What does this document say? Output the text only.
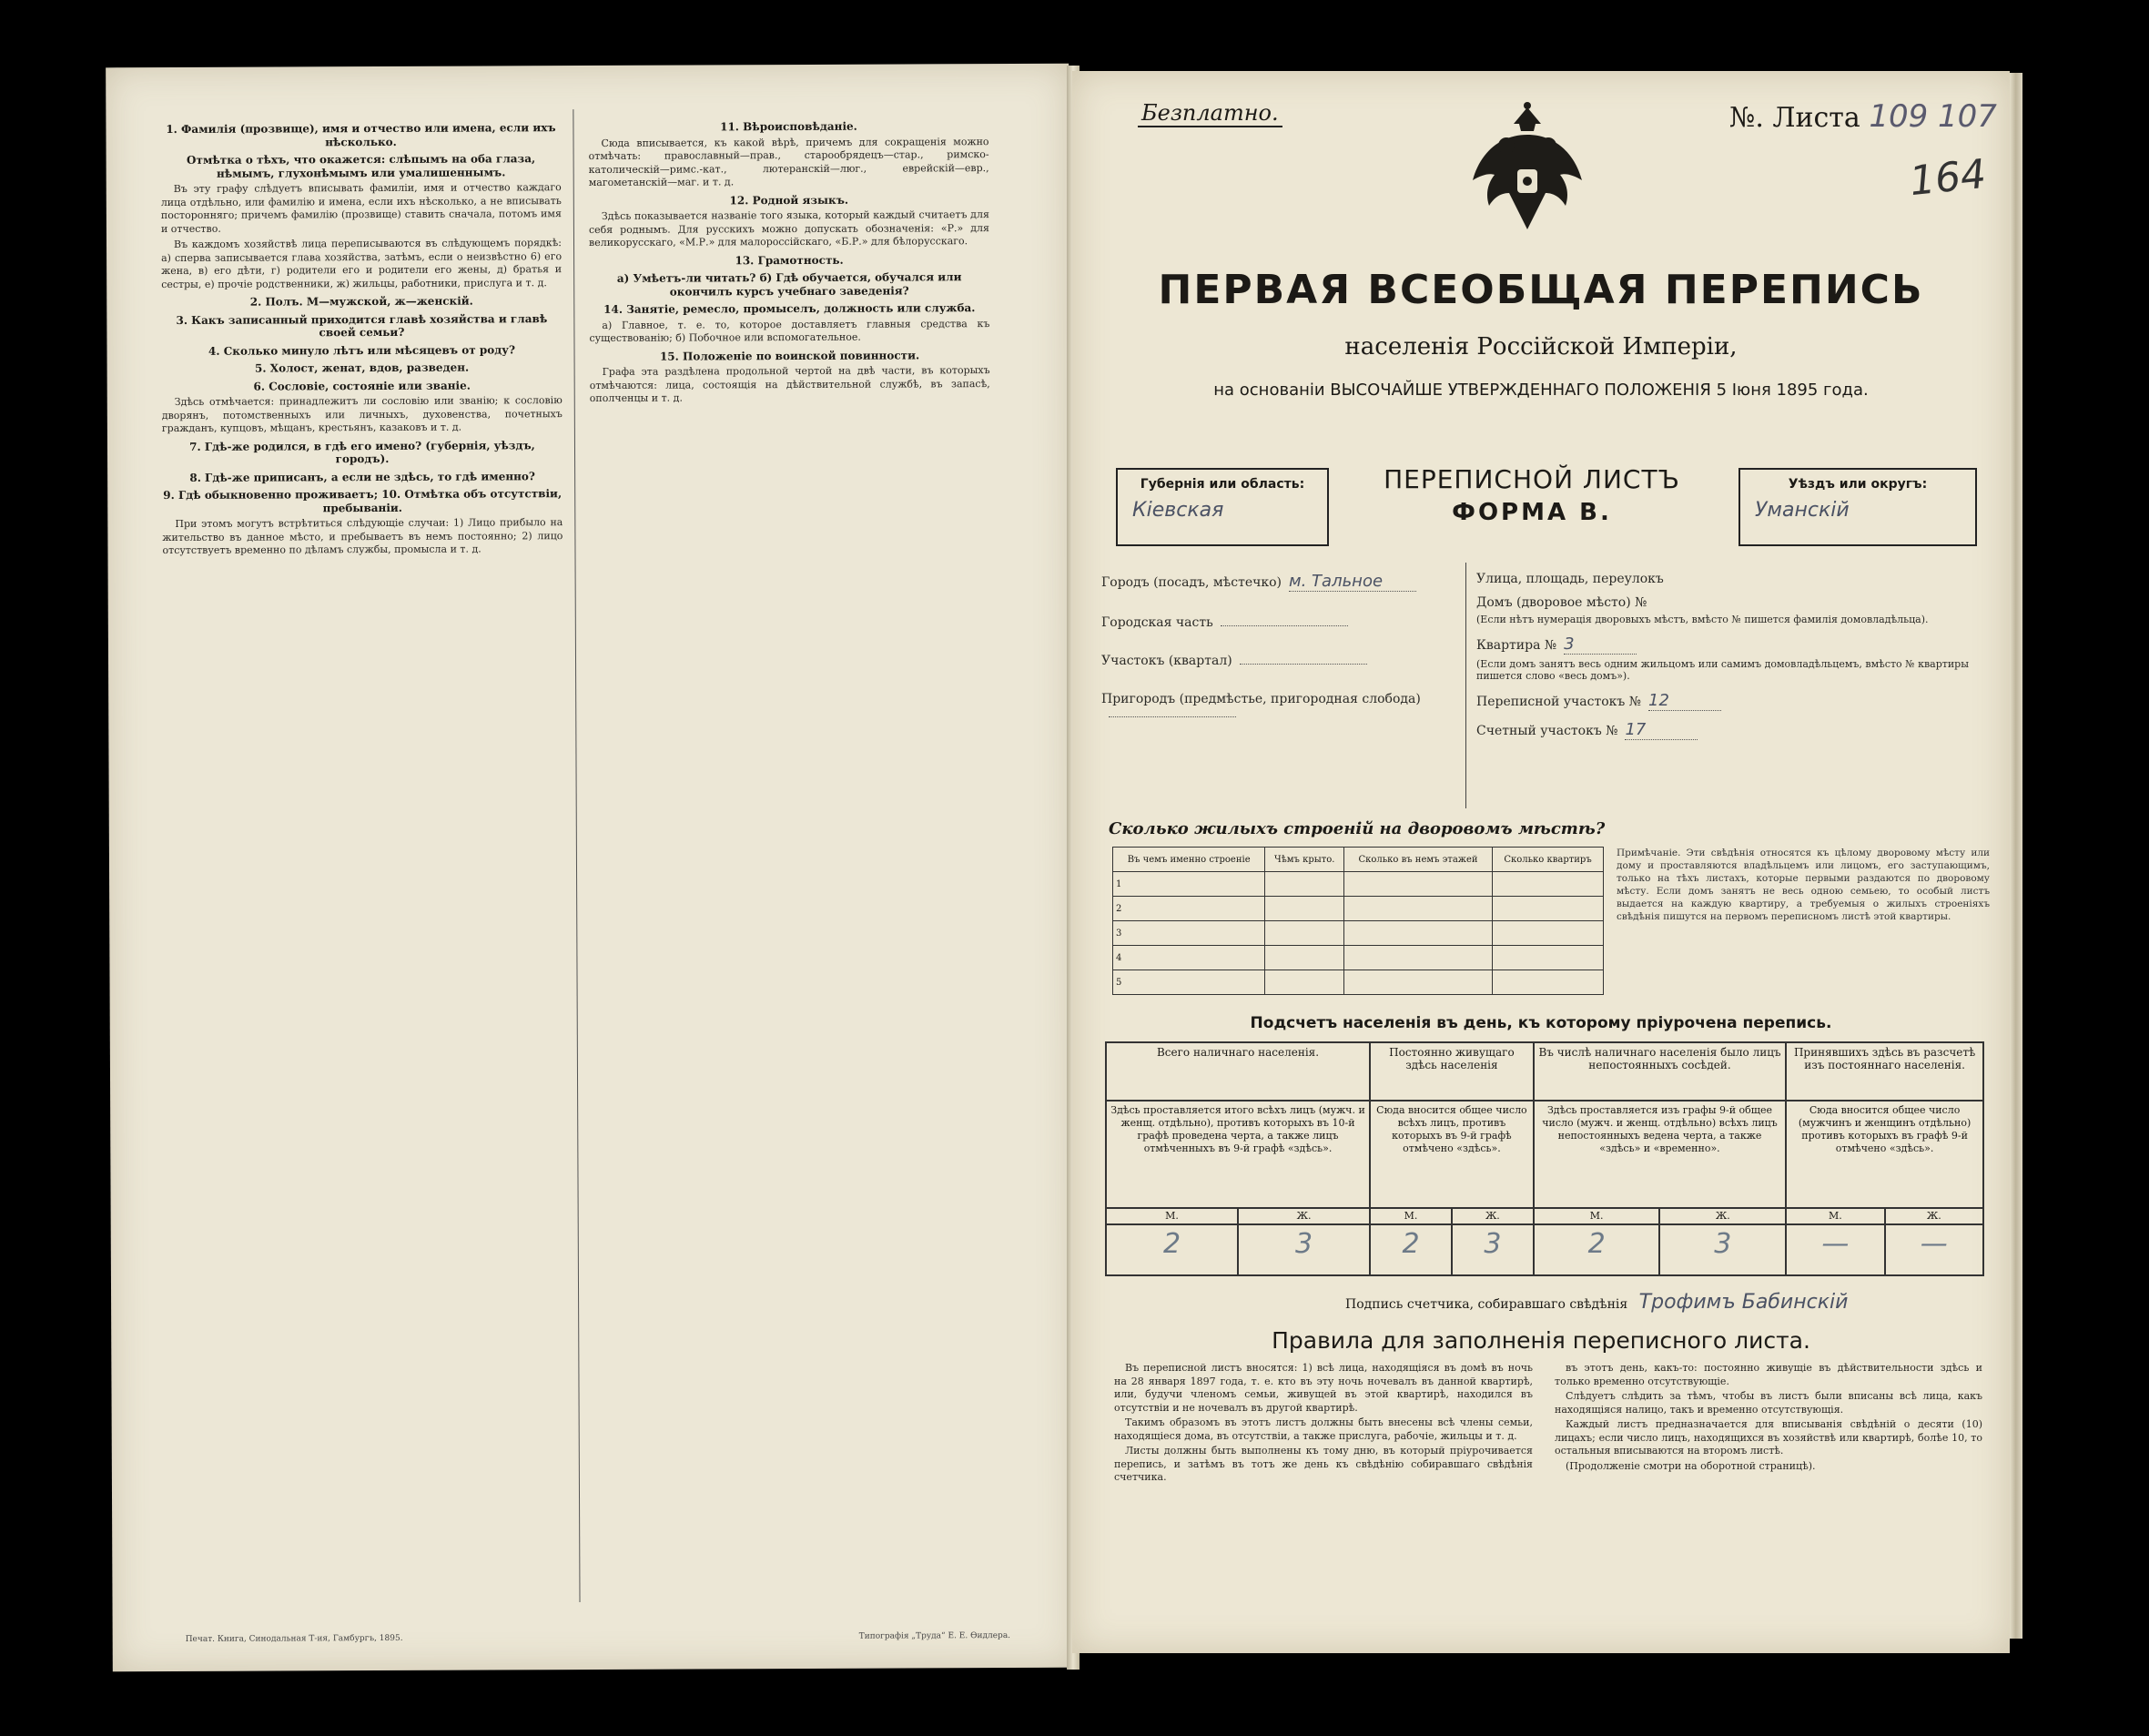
1. Фамилія (прозвище), имя и отчество или имена, если ихъ нѣсколько.
Отмѣтка о тѣхъ, что окажется: слѣпымъ на оба глаза, нѣмымъ, глухонѣмымъ или умалишеннымъ.

Въ эту графу слѣдуетъ вписывать фамиліи, имя и отчество каждаго лица отдѣльно, или фамилію и имена, если ихъ нѣсколько, а не вписывать посторонняго; причемъ фамилію (прозвище) ставить сначала, потомъ имя и отчество.

Въ каждомъ хозяйствѣ лица переписываются въ слѣдующемъ порядкѣ: а) сперва записывается глава хозяйства, затѣмъ, если о неизвѣстно 6) его жена, в) его дѣти, г) родители его и родители его жены, д) братья и сестры, е) прочіе родственники, ж) жильцы, работники, прислуга и т. д.

2. Полъ. М—мужской, ж—женскій.
3. Какъ записанный приходится главѣ хозяйства и главѣ своей семьи?
4. Сколько минуло лѣтъ или мѣсяцевъ от роду?
5. Холост, женат, вдов, разведен.
6. Сословіе, состояніе или званіе.

Здѣсь отмѣчается: принадлежитъ ли сословію или званію; к сословію дворянъ, потомственныхъ или личныхъ, духовенства, почетныхъ гражданъ, купцовъ, мѣщанъ, крестьянъ, казаковъ и т. д.

7. Гдѣ-же родился, в гдѣ его имено? (губернія, уѣздъ, городъ).
8. Гдѣ-же приписанъ, а если не здѣсь, то гдѣ именно?
9. Гдѣ обыкновенно проживаетъ; 10. Отмѣтка объ отсутствіи, пребываніи.

При этомъ могутъ встрѣтиться слѣдующіе случаи: 1) Лицо прибыло на жительство въ данное мѣсто, и пребываетъ въ немъ постоянно; 2) лицо отсутствуетъ временно по дѣламъ службы, промысла и т. д.

11. Вѣроисповѣданіе.

Сюда вписывается, къ какой вѣрѣ, причемъ для сокращенія можно отмѣчать: православный—прав., старообрядецъ—стар., римско-католическій—римс.-кат., лютеранскій—люг., еврейскій—евр., магометанскій—маг. и т. д.

12. Родной языкъ.

Здѣсь показывается названіе того языка, который каждый считаетъ для себя роднымъ. Для русскихъ можно допускать обозначенія: «Р.» для великорусскаго, «М.Р.» для малороссійскаго, «Б.Р.» для бѣлорусскаго.

13. Грамотность.
а) Умѣетъ-ли читать? б) Гдѣ обучается, обучался или окончилъ курсъ учебнаго заведенія?
14. Занятіе, ремесло, промыселъ, должность или служба.

а) Главное, т. е. то, которое доставляетъ главныя средства къ существованію; б) Побочное или вспомогательное.

15. Положеніе по воинской повинности.

Графа эта раздѣлена продольной чертой на двѣ части, въ которыхъ отмѣчаются: лица, состоящія на дѣйствительной службѣ, въ запасѣ, ополченцы и т. д.

Печат. Книга, Синодальная Т-ия, Гамбургъ, 1895.	Типографія „Труда“ Е. Е. Ѳидлера.
Безплатно.	№. Листа 109 107
164
ПЕРВАЯ ВСЕОБЩАЯ ПЕРЕПИСЬ
населенія Россійской Имперіи,
на основаніи ВЫСОЧАЙШЕ УТВЕРЖДЕННАГО ПОЛОЖЕНІЯ 5 Іюня 1895 года.
Губернія или область:
Кіевская
ПЕРЕПИСНОЙ ЛИСТЪ
ФОРМА В.
Уѣздъ или округъ:
Уманскій
Городъ (посадъ, мѣстечко) м. Тальное
Городская часть
Участокъ (квартал)
Пригородъ (предмѣстье, пригородная слобода)
Улица, площадь, переулокъ
Домъ (дворовое мѣсто) №
(Если нѣтъ нумерація дворовыхъ мѣстъ, вмѣсто № пишется фамилія домовладѣльца).
Квартира № 3
(Если домъ занятъ весь одним жильцомъ или самимъ домовладѣльцемъ, вмѣсто № квартиры пишется слово «весь домъ»).
Переписной участокъ № 12
Счетный участокъ № 17
Сколько жилыхъ строеній на дворовомъ мѣстѣ?
Въ чемъ именно строеніе	Чѣмъ крыто.	Сколько въ немъ этажей	Сколько квартиръ
1			
2			
3			
4			
5			
Примѣчаніе. Эти свѣдѣнія относятся къ цѣлому дворовому мѣсту или дому и проставляются владѣльцемъ или лицомъ, его заступающимъ, только на тѣхъ листахъ, которые первыми раздаются по дворовому мѣсту. Если домъ занятъ не весь одною семьею, то особый листъ выдается на каждую квартиру, а требуемыя о жилыхъ строеніяхъ свѣдѣнія пишутся на первомъ переписномъ листѣ этой квартиры.
Подсчетъ населенія въ день, къ которому пріурочена перепись.
Всего наличнаго населенія.		Постоянно живущаго здѣсь населенія		Въ числѣ наличнаго населенія было лицъ непостоянныхъ сосѣдей.		Принявшихъ здѣсь въ разсчетѣ изъ постояннаго населенія.	
Здѣсь проставляется итого всѣхъ лицъ (мужч. и женщ. отдѣльно), противъ которыхъ въ 10-й графѣ проведена черта, а также лицъ отмѣченныхъ въ 9-й графѣ «здѣсь».		Сюда вносится общее число всѣхъ лицъ, противъ которыхъ въ 9-й графѣ отмѣчено «здѣсь».		Здѣсь проставляется изъ графы 9-й общее число (мужч. и женщ. отдѣльно) всѣхъ лицъ непостоянныхъ ведена черта, а также «здѣсь» и «временно».		Сюда вносится общее число (мужчинъ и женщинъ отдѣльно) противъ которыхъ въ графѣ 9-й отмѣчено «здѣсь».	
М.	Ж.	М.	Ж.	М.	Ж.	М.	Ж.
2	3	2	3	2	3	—	—
Подпись счетчика, собиравшаго свѣдѣнія Трофимъ Бабинскій
Правила для заполненія переписного листа.

Въ переписной листъ вносятся: 1) всѣ лица, находящіяся въ домѣ въ ночь на 28 января 1897 года, т. е. кто въ эту ночь ночевалъ въ данной квартирѣ, или, будучи членомъ семьи, живущей въ этой квартирѣ, находился въ отсутствіи и не ночевалъ въ другой квартирѣ.

Такимъ образомъ въ этотъ листъ должны быть внесены всѣ члены семьи, находящіеся дома, въ отсутствіи, а также прислуга, рабочіе, жильцы и т. д.

Листы должны быть выполнены къ тому дню, въ который пріурочивается перепись, и затѣмъ въ тотъ же день къ свѣдѣнію собиравшаго свѣдѣнія счетчика.

въ этотъ день, какъ-то: постоянно живущіе въ дѣйствительности здѣсь и только временно отсутствующіе.

Слѣдуетъ слѣдить за тѣмъ, чтобы въ листъ были вписаны всѣ лица, какъ находящіяся налицо, такъ и временно отсутствующія.

Каждый листъ предназначается для вписыванія свѣдѣній о десяти (10) лицахъ; если число лицъ, находящихся въ хозяйствѣ или квартирѣ, болѣе 10, то остальныя вписываются на второмъ листѣ.

(Продолженіе смотри на оборотной страницѣ).
